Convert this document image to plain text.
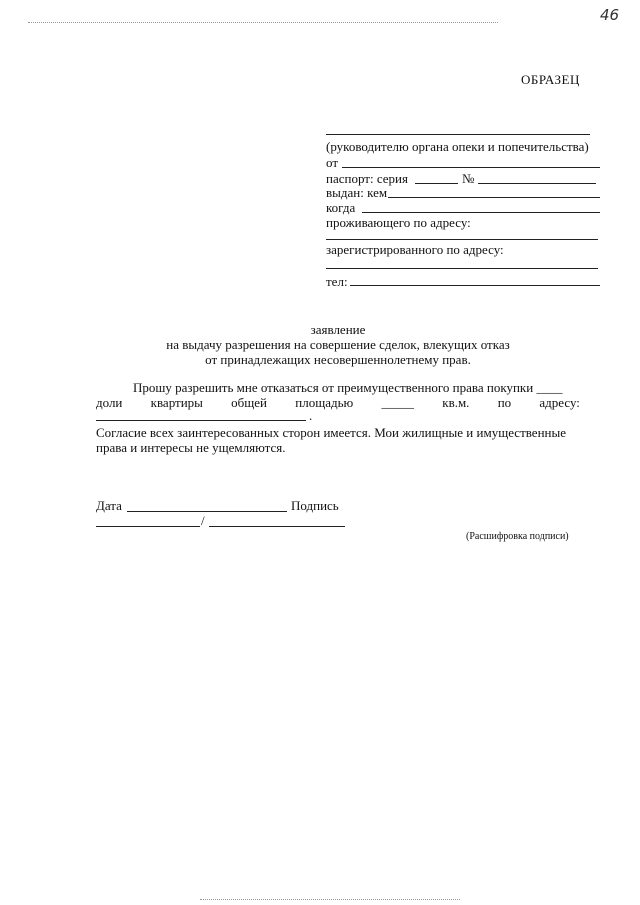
46
ОБРАЗЕЦ
(руководителю органа опеки и попечительства)
от
паспорт: серия	№
выдан: кем
когда
проживающего по адресу:
зарегистрированного по адресу:
тел:
заявление
на выдачу разрешения на совершение сделок, влекущих отказ
от принадлежащих несовершеннолетнему прав.
Прошу разрешить мне отказаться от преимущественного права покупки ____
доли квартиры общей площадью _____ кв.м. по адресу:
.
Согласие всех заинтересованных сторон имеется. Мои жилищные и имущественные
права и интересы не ущемляются.
Дата	Подпись
/
(Расшифровка подписи)
